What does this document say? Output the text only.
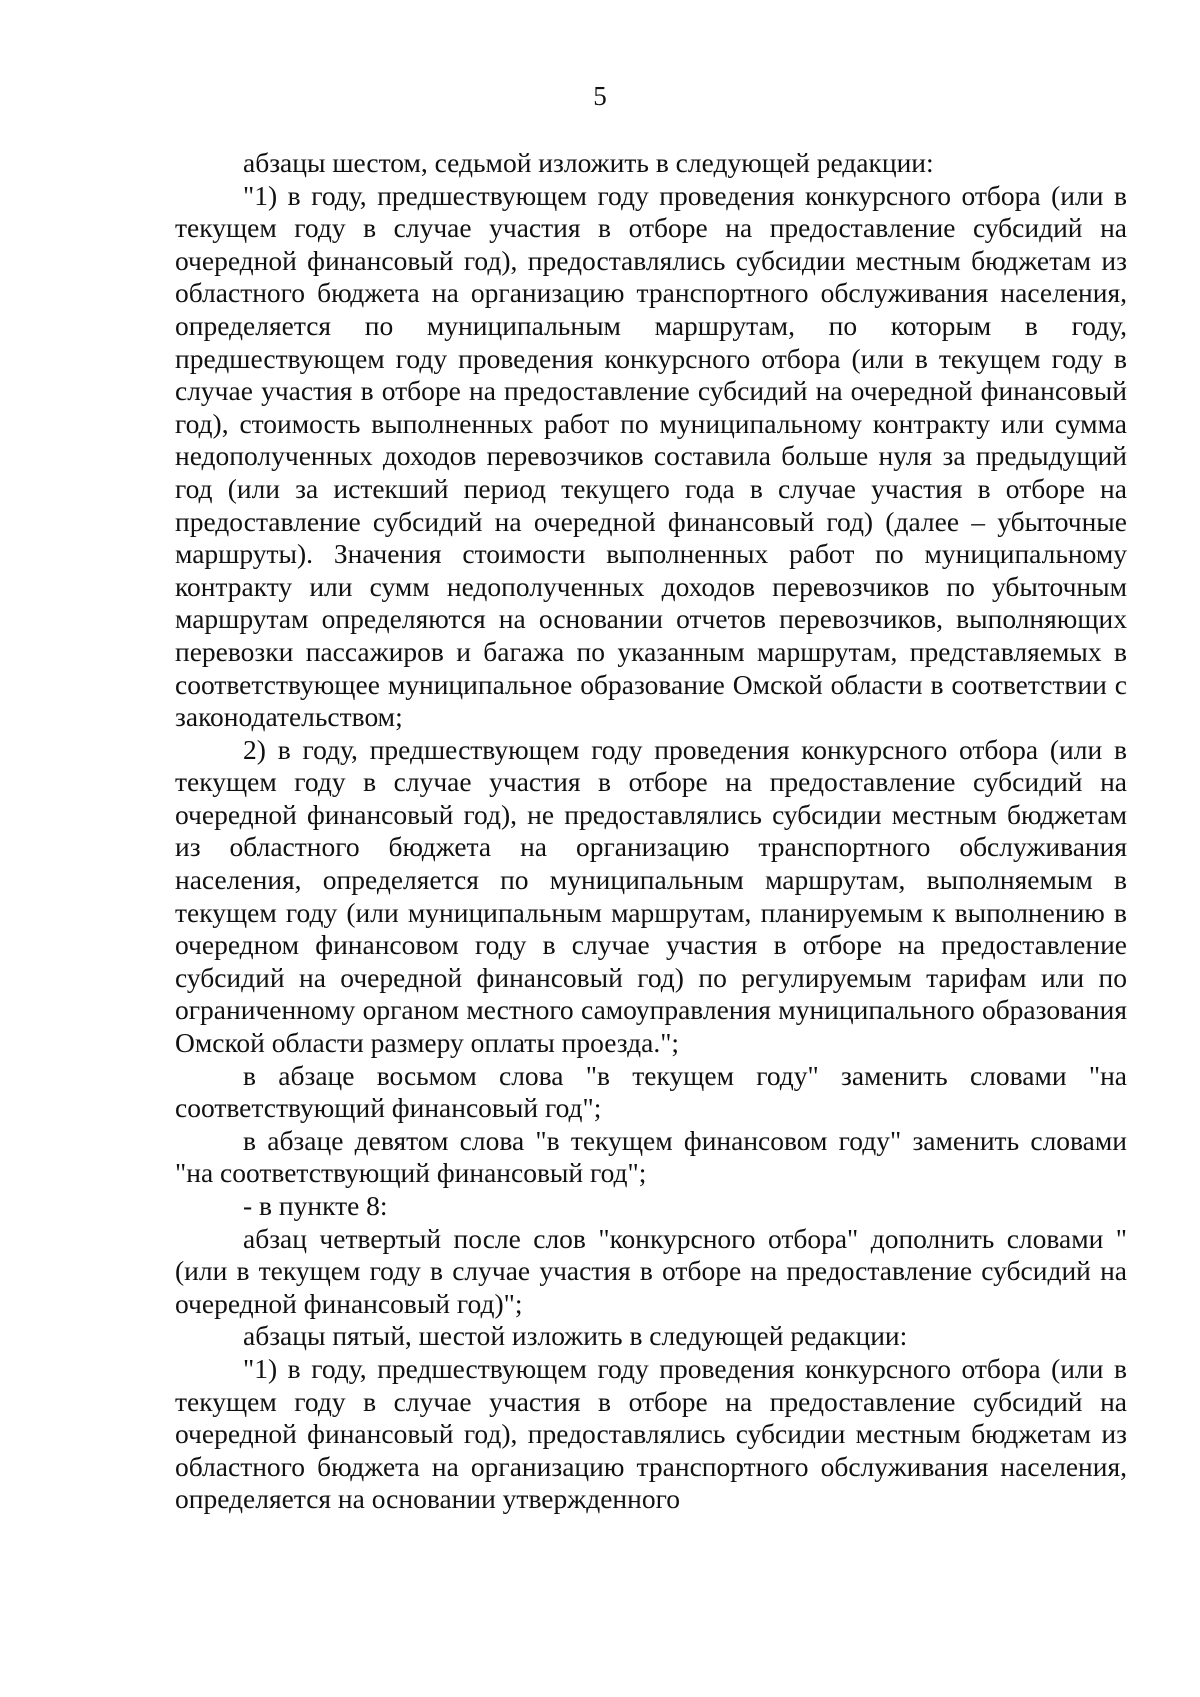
5

абзацы шестом, седьмой изложить в следующей редакции:

"1) в году, предшествующем году проведения конкурсного отбора (или в текущем году в случае участия в отборе на предоставление субсидий на очередной финансовый год), предоставлялись субсидии местным бюджетам из областного бюджета на организацию транспортного обслуживания населения, определяется по муниципальным маршрутам, по которым в году, предшествующем году проведения конкурсного отбора (или в текущем году в случае участия в отборе на предоставление субсидий на очередной финансовый год), стоимость выполненных работ по муниципальному контракту или сумма недополученных доходов перевозчиков составила больше нуля за предыдущий год (или за истекший период текущего года в случае участия в отборе на предоставление субсидий на очередной финансовый год) (далее – убыточные маршруты). Значения стоимости выполненных работ по муниципальному контракту или сумм недополученных доходов перевозчиков по убыточным маршрутам определяются на основании отчетов перевозчиков, выполняющих перевозки пассажиров и багажа по указанным маршрутам, представляемых в соответствующее муниципальное образование Омской области в соответствии с законодательством;

2) в году, предшествующем году проведения конкурсного отбора (или в текущем году в случае участия в отборе на предоставление субсидий на очередной финансовый год), не предоставлялись субсидии местным бюджетам из областного бюджета на организацию транспортного обслуживания населения, определяется по муниципальным маршрутам, выполняемым в текущем году (или муниципальным маршрутам, планируемым к выполнению в очередном финансовом году в случае участия в отборе на предоставление субсидий на очередной финансовый год) по регулируемым тарифам или по ограниченному органом местного самоуправления муниципального образования Омской области размеру оплаты проезда.";

в абзаце восьмом слова "в текущем году" заменить словами "на соответствующий финансовый год";

в абзаце девятом слова "в текущем финансовом году" заменить словами "на соответствующий финансовый год";

- в пункте 8:

абзац четвертый после слов "конкурсного отбора" дополнить словами "(или в текущем году в случае участия в отборе на предоставление субсидий на очередной финансовый год)";

абзацы пятый, шестой изложить в следующей редакции:

"1) в году, предшествующем году проведения конкурсного отбора (или в текущем году в случае участия в отборе на предоставление субсидий на очередной финансовый год), предоставлялись субсидии местным бюджетам из областного бюджета на организацию транспортного обслуживания населения, определяется на основании утвержденного
